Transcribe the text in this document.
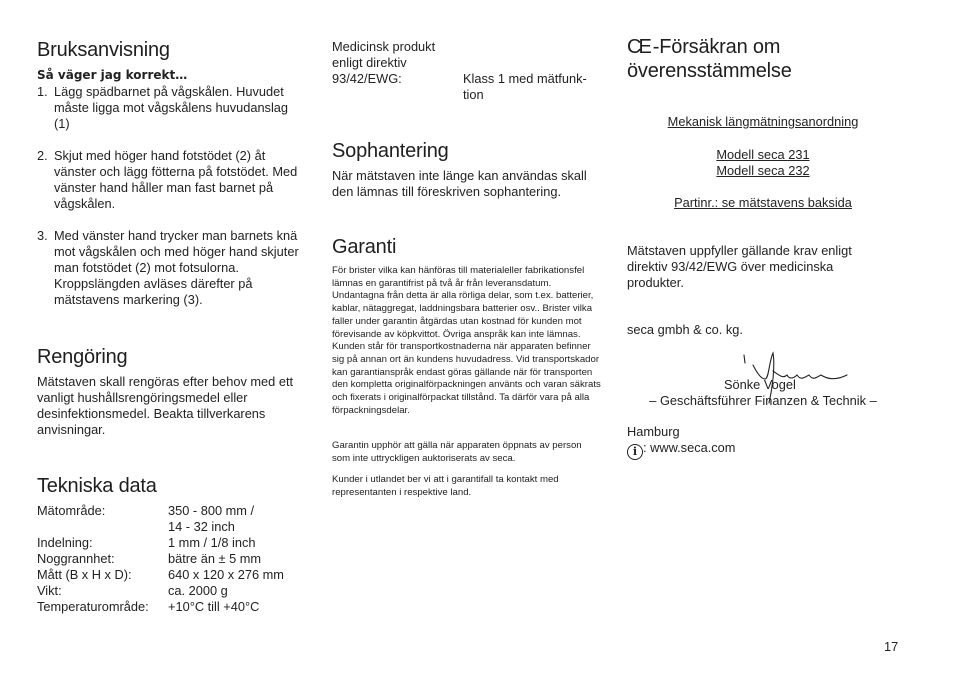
Bruksanvisning
Så väger jag korrekt…
1. Lägg spädbarnet på vågskålen. Huvudet måste ligga mot vågskålens huvudanslag (1)
2. Skjut med höger hand fotstödet (2) åt vänster och lägg fötterna på fotstödet. Med vänster hand håller man fast barnet på vågskålen.
3. Med vänster hand trycker man barnets knä mot vågskålen och med höger hand skjuter man fotstödet (2) mot fotsulorna. Kroppslängden avläses därefter på mätstavens markering (3).
Rengöring

Mätstaven skall rengöras efter behov med ett vanligt hushållsrengöringsmedel eller desinfektionsmedel. Beakta tillverkarens anvisningar.

Tekniska data
Mätområde:	350 - 800 mm /
	14 - 32 inch
Indelning:	1 mm / 1/8 inch
Noggrannhet:	bätre än ± 5 mm
Mått (B x H x D):	640 x 120 x 276 mm
Vikt:	ca. 2000 g
Temperaturområde:	+10°C till +40°C
Medicinsk produkt
enligt direktiv
93/42/EWG:	Klass 1 med mätfunk-
tion
Sophantering

När mätstaven inte länge kan användas skall den lämnas till föreskriven sophantering.

Garanti

För brister vilka kan hänföras till materialeller fabrikationsfel lämnas en garantifrist på två år från leveransdatum. Undantagna från detta är alla rörliga delar, som t.ex. batterier, kablar, nätaggregat, laddningsbara batterier osv.. Brister vilka faller under garantin åtgärdas utan kostnad för kunden mot förevisande av köpkvittot. Övriga anspråk kan inte lämnas. Kunden står för transportkostnaderna när apparaten befinner sig på annan ort än kundens huvudadress. Vid transportskador kan garantianspråk endast göras gällande när för transporten den kompletta originalförpackningen använts och varan säkrats och fixerats i originalförpackat tillstånd. Ta därför vara på alla förpackningsdelar.

Garantin upphör att gälla när apparaten öppnats av person som inte uttryckligen auktoriserats av seca.

Kunder i utlandet ber vi att i garantifall ta kontakt med representanten i respektive land.

CE -Försäkran om
överensstämmelse
Mekanisk längmätningsanordning
Modell seca 231
Modell seca 232
Partinr.: se mätstavens baksida

Mätstaven uppfyller gällande krav enligt direktiv 93/42/EWG över medicinska produkter.

seca gmbh & co. kg.
Sönke Vogel
– Geschäftsführer Finanzen & Technik –
Hamburg
i : www.seca.com
17
